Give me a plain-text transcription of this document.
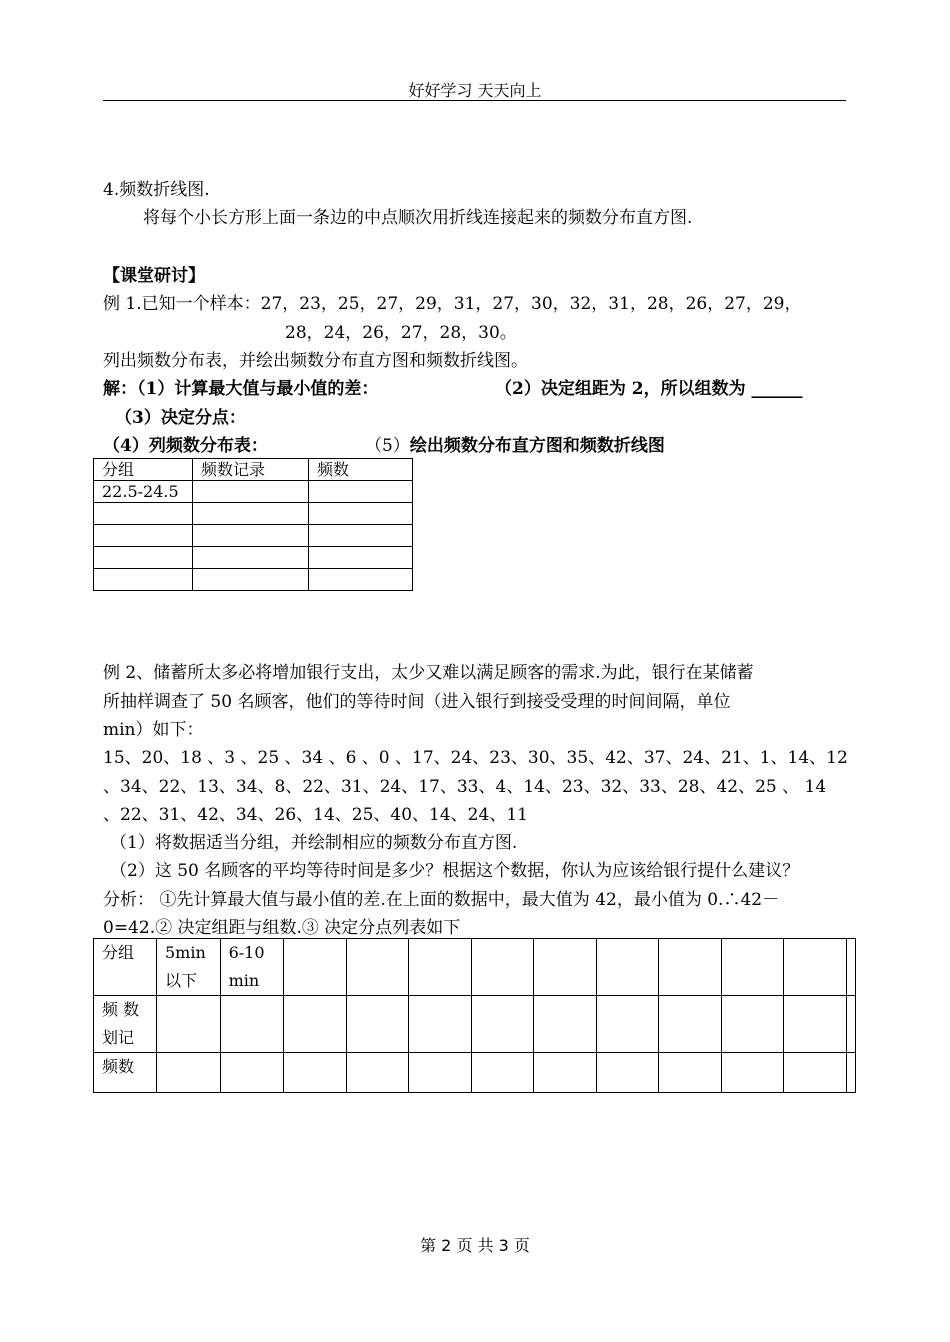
好好学习 天天向上
4.频数折线图.
将每个小长方形上面一条边的中点顺次用折线连接起来的频数分布直方图.
【课堂研讨】
例 1.已知一个样本：27，23，25，27，29，31，27，30，32，31，28，26，27，29，
28，24，26，27，28，30。
列出频数分布表，并绘出频数分布直方图和频数折线图。
解：（1）计算最大值与最小值的差：	（2）决定组距为 2，所以组数为 ______
（3）决定分点：
（4）列频数分布表：	（5）绘出频数分布直方图和频数折线图
分组	频数记录	频数
22.5-24.5		

例 2、储蓄所太多必将增加银行支出，太少又难以满足顾客的需求.为此，银行在某储蓄
所抽样调查了 50 名顾客，他们的等待时间（进入银行到接受受理的时间间隔，单位
min）如下：
15、20、18 、3 、25 、34 、6 、0 、17、24、23、30、35、42、37、24、21、1、14、12
、34、22、13、34、8、22、31、24、17、33、4、14、23、32、33、28、42、25 、 14
、22、31、42、34、26、14、25、40、14、24、11
（1）将数据适当分组，并绘制相应的频数分布直方图.
（2）这 50 名顾客的平均等待时间是多少？根据这个数据，你认为应该给银行提什么建议？
分析： ①先计算最大值与最小值的差.在上面的数据中，最大值为 42，最小值为 0.∴42－
0=42.② 决定组距与组数.③ 决定分点列表如下
分组	5min 以下	6-10 min										
频 数 划记												
频数												
第 2 页 共 3 页
